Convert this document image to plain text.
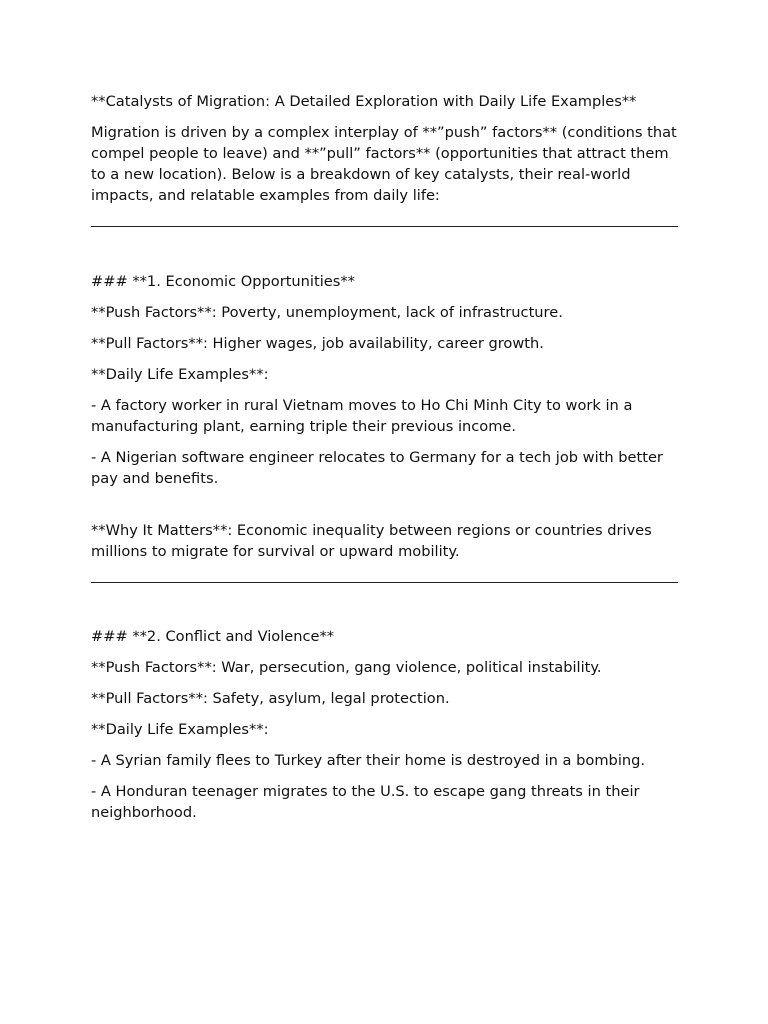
**Catalysts of Migration: A Detailed Exploration with Daily Life Examples**

Migration is driven by a complex interplay of **”push” factors** (conditions that compel people to leave) and **”pull” factors** (opportunities that attract them to a new location). Below is a breakdown of key catalysts, their real-world impacts, and relatable examples from daily life:

### **1. Economic Opportunities**

**Push Factors**: Poverty, unemployment, lack of infrastructure.

**Pull Factors**: Higher wages, job availability, career growth.

**Daily Life Examples**:

- A factory worker in rural Vietnam moves to Ho Chi Minh City to work in a manufacturing plant, earning triple their previous income.

- A Nigerian software engineer relocates to Germany for a tech job with better pay and benefits.

**Why It Matters**: Economic inequality between regions or countries drives millions to migrate for survival or upward mobility.

### **2. Conflict and Violence**

**Push Factors**: War, persecution, gang violence, political instability.

**Pull Factors**: Safety, asylum, legal protection.

**Daily Life Examples**:

- A Syrian family flees to Turkey after their home is destroyed in a bombing.

- A Honduran teenager migrates to the U.S. to escape gang threats in their neighborhood.
